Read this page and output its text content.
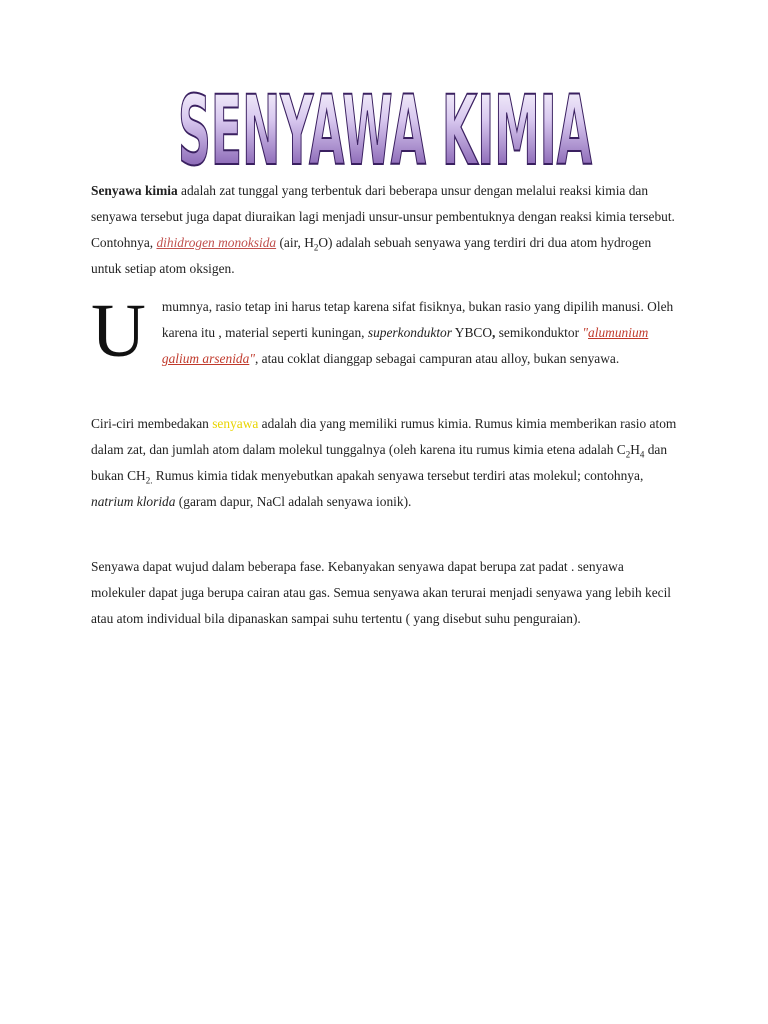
SENYAWA KIMIA

Senyawa kimia adalah zat tunggal yang terbentuk dari beberapa unsur dengan melalui reaksi kimia dan senyawa tersebut juga dapat diuraikan lagi menjadi unsur-unsur pembentuknya dengan reaksi kimia tersebut. Contohnya, dihidrogen monoksida (air, $H_2O$) adalah sebuah senyawa yang terdiri dri dua atom hydrogen untuk setiap atom oksigen.

U	mumnya, rasio tetap ini harus tetap karena sifat fisiknya, bukan rasio yang dipilih manusi. Oleh karena itu , material seperti kuningan, superkonduktor YBCO, semikonduktor "alumunium galium arsenida", atau coklat dianggap sebagai campuran atau alloy, bukan senyawa.

Ciri-ciri membedakan senyawa adalah dia yang memiliki rumus kimia. Rumus kimia memberikan rasio atom dalam zat, dan jumlah atom dalam molekul tunggalnya (oleh karena itu rumus kimia etena adalah $C_2H_4$ dan bukan $CH_{2.}$ Rumus kimia tidak menyebutkan apakah senyawa tersebut terdiri atas molekul; contohnya, natrium klorida (garam dapur, NaCl adalah senyawa ionik).

Senyawa dapat wujud dalam beberapa fase. Kebanyakan senyawa dapat berupa zat padat . senyawa molekuler dapat juga berupa cairan atau gas. Semua senyawa akan terurai menjadi senyawa yang lebih kecil atau atom individual bila dipanaskan sampai suhu tertentu ( yang disebut suhu penguraian).
